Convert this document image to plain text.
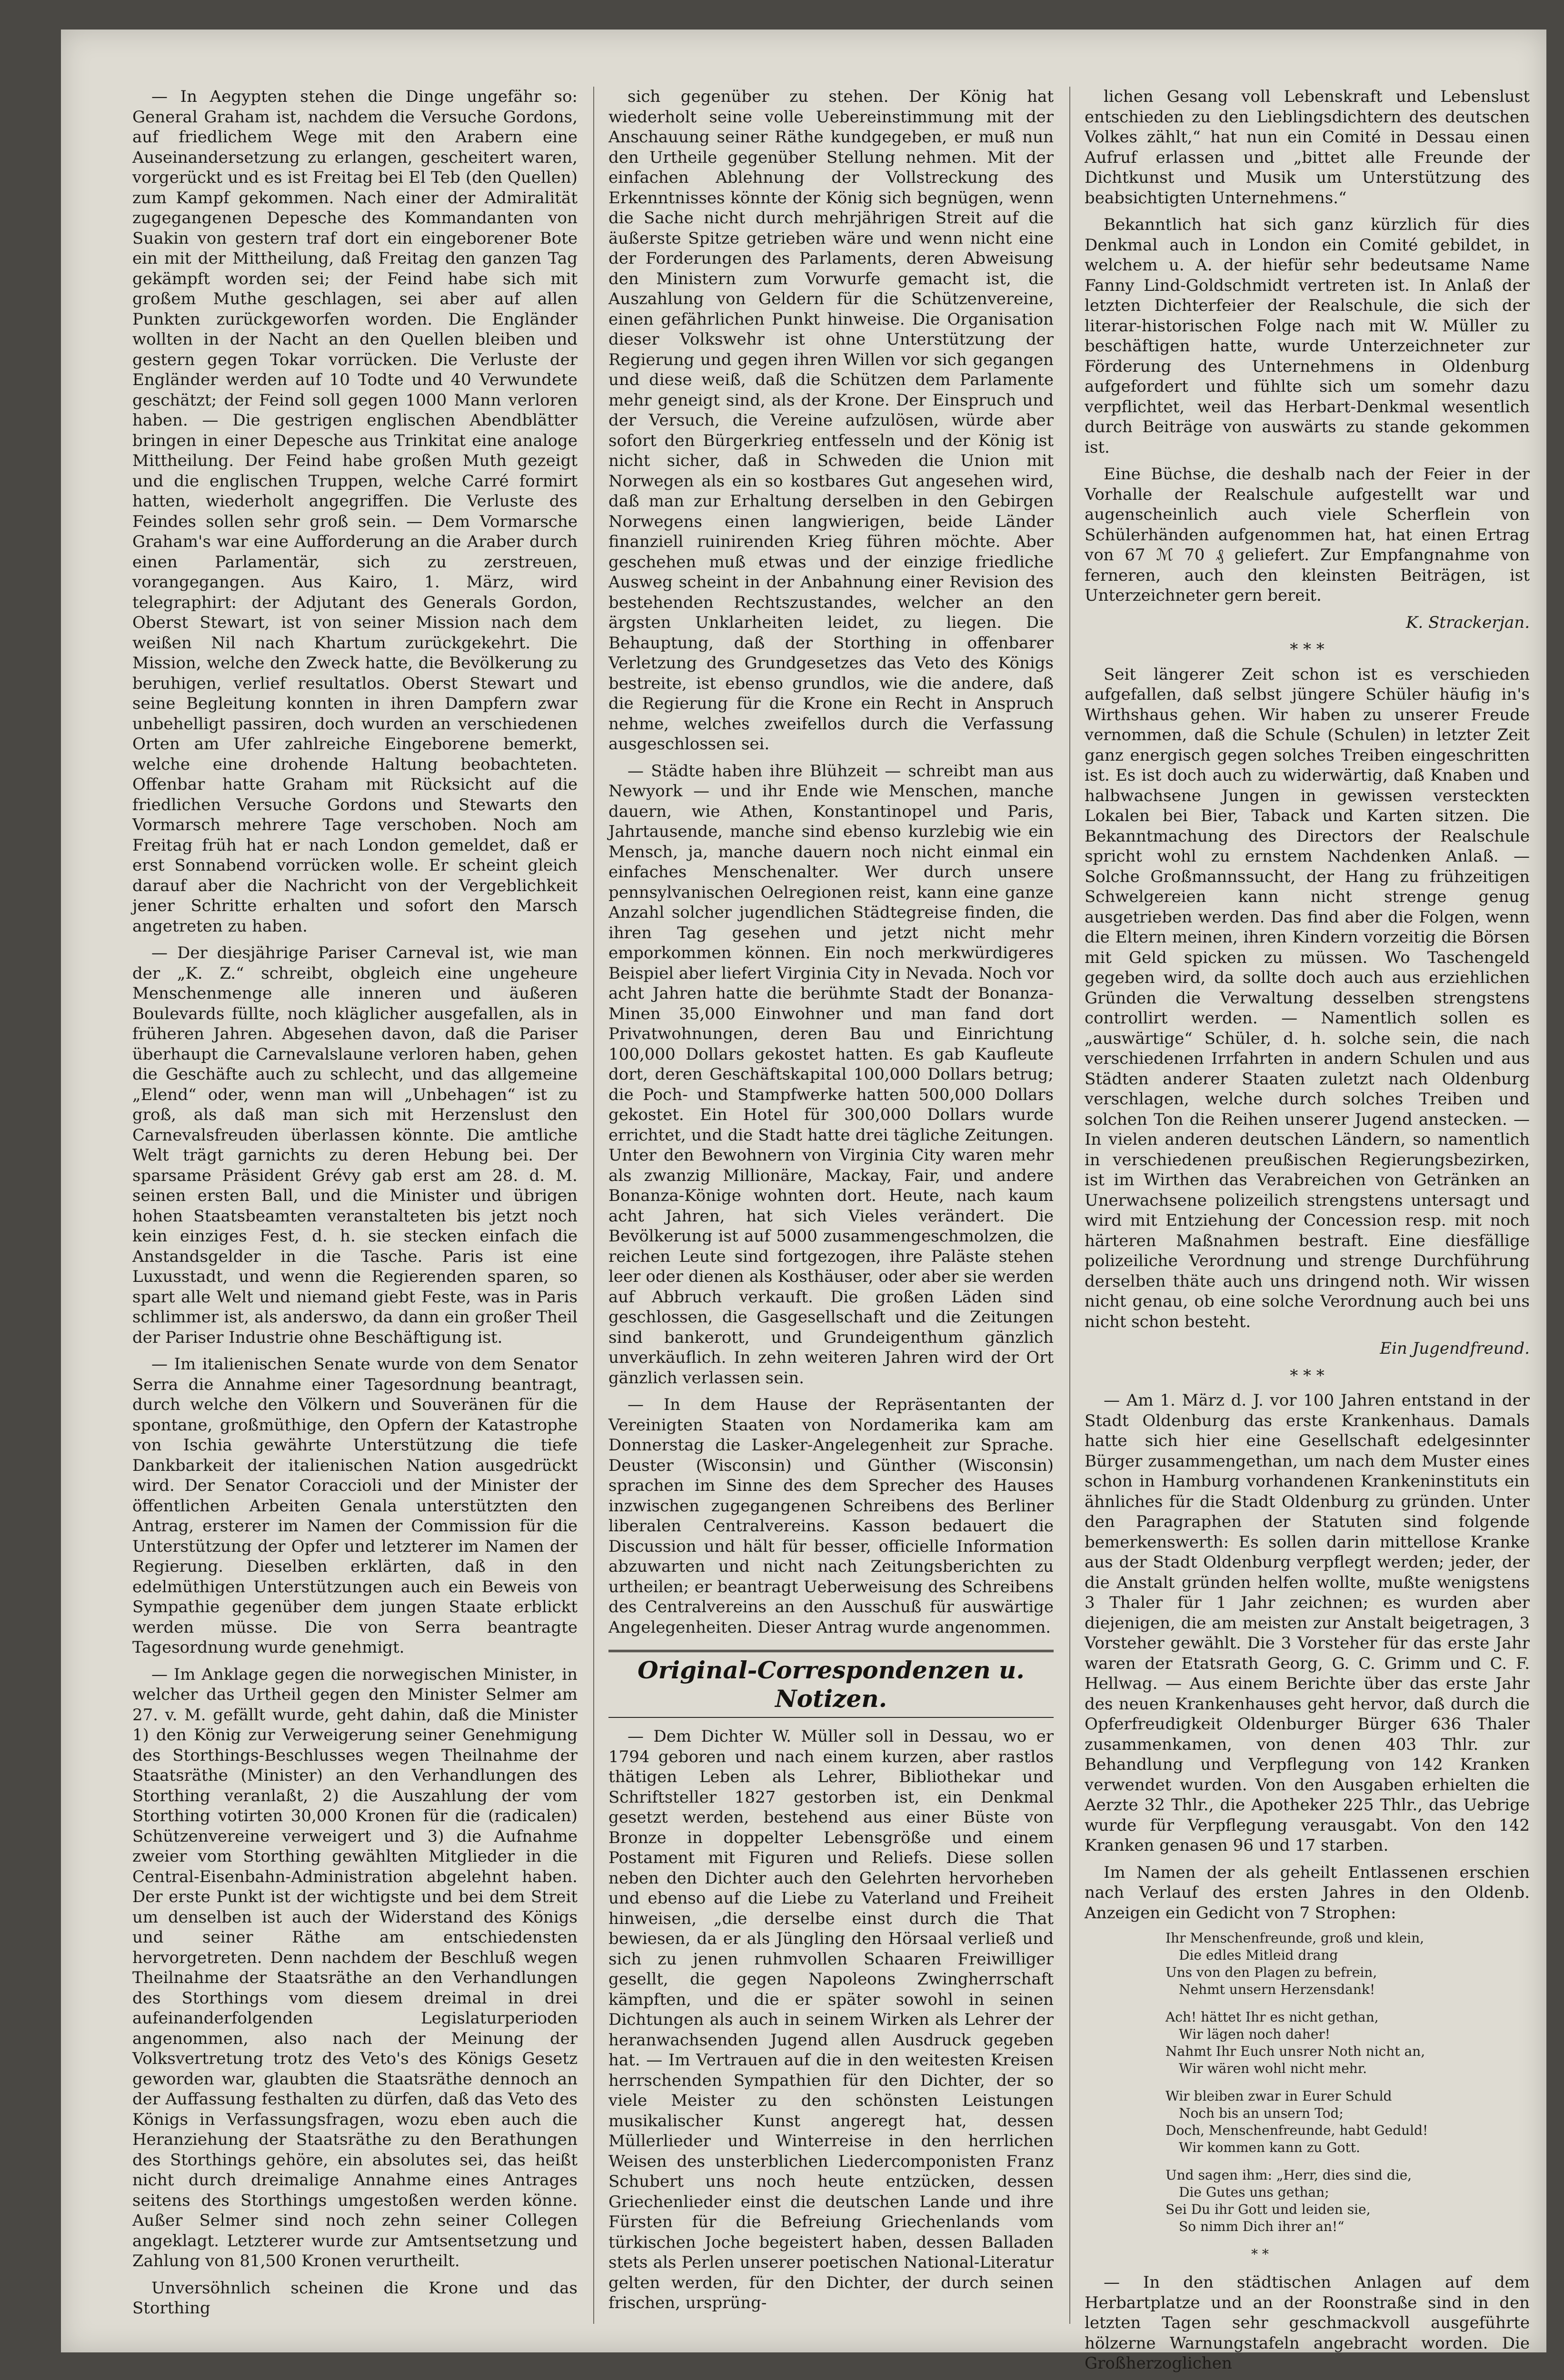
— In Aegypten stehen die Dinge ungefähr so: General Graham ist, nachdem die Versuche Gordons, auf friedlichem Wege mit den Arabern eine Auseinandersetzung zu erlangen, gescheitert waren, vorgerückt und es ist Freitag bei El Teb (den Quellen) zum Kampf gekommen. Nach einer der Admiralität zugegangenen Depesche des Kommandanten von Suakin von gestern traf dort ein eingeborener Bote ein mit der Mittheilung, daß Freitag den ganzen Tag gekämpft worden sei; der Feind habe sich mit großem Muthe geschlagen, sei aber auf allen Punkten zurückgeworfen worden. Die Engländer wollten in der Nacht an den Quellen bleiben und gestern gegen Tokar vorrücken. Die Verluste der Engländer werden auf 10 Todte und 40 Verwundete geschätzt; der Feind soll gegen 1000 Mann verloren haben. — Die gestrigen englischen Abendblätter bringen in einer Depesche aus Trinkitat eine analoge Mittheilung. Der Feind habe großen Muth gezeigt und die englischen Truppen, welche Carré formirt hatten, wiederholt angegriffen. Die Verluste des Feindes sollen sehr groß sein. — Dem Vormarsche Graham's war eine Aufforderung an die Araber durch einen Parlamentär, sich zu zerstreuen, vorangegangen. Aus Kairo, 1. März, wird telegraphirt: der Adjutant des Generals Gordon, Oberst Stewart, ist von seiner Mission nach dem weißen Nil nach Khartum zurückgekehrt. Die Mission, welche den Zweck hatte, die Bevölkerung zu beruhigen, verlief resultatlos. Oberst Stewart und seine Begleitung konnten in ihren Dampfern zwar unbehelligt passiren, doch wurden an verschiedenen Orten am Ufer zahlreiche Eingeborene bemerkt, welche eine drohende Haltung beobachteten. Offenbar hatte Graham mit Rücksicht auf die friedlichen Versuche Gordons und Stewarts den Vormarsch mehrere Tage verschoben. Noch am Freitag früh hat er nach London gemeldet, daß er erst Sonnabend vorrücken wolle. Er scheint gleich darauf aber die Nachricht von der Vergeblichkeit jener Schritte erhalten und sofort den Marsch angetreten zu haben.

— Der diesjährige Pariser Carneval ist, wie man der „K. Z.“ schreibt, obgleich eine ungeheure Menschenmenge alle inneren und äußeren Boulevards füllte, noch kläglicher ausgefallen, als in früheren Jahren. Abgesehen davon, daß die Pariser überhaupt die Carnevalslaune verloren haben, gehen die Geschäfte auch zu schlecht, und das allgemeine „Elend“ oder, wenn man will „Unbehagen“ ist zu groß, als daß man sich mit Herzenslust den Carnevalsfreuden überlassen könnte. Die amtliche Welt trägt garnichts zu deren Hebung bei. Der sparsame Präsident Grévy gab erst am 28. d. M. seinen ersten Ball, und die Minister und übrigen hohen Staatsbeamten veranstalteten bis jetzt noch kein einziges Fest, d. h. sie stecken einfach die Anstandsgelder in die Tasche. Paris ist eine Luxusstadt, und wenn die Regierenden sparen, so spart alle Welt und niemand giebt Feste, was in Paris schlimmer ist, als anderswo, da dann ein großer Theil der Pariser Industrie ohne Beschäftigung ist.

— Im italienischen Senate wurde von dem Senator Serra die Annahme einer Tagesordnung beantragt, durch welche den Völkern und Souveränen für die spontane, großmüthige, den Opfern der Katastrophe von Ischia gewährte Unterstützung die tiefe Dankbarkeit der italienischen Nation ausgedrückt wird. Der Senator Coraccioli und der Minister der öffentlichen Arbeiten Genala unterstützten den Antrag, ersterer im Namen der Commission für die Unterstützung der Opfer und letzterer im Namen der Regierung. Dieselben erklärten, daß in den edelmüthigen Unterstützungen auch ein Beweis von Sympathie gegenüber dem jungen Staate erblickt werden müsse. Die von Serra beantragte Tagesordnung wurde genehmigt.

— Im Anklage gegen die norwegischen Minister, in welcher das Urtheil gegen den Minister Selmer am 27. v. M. gefällt wurde, geht dahin, daß die Minister 1) den König zur Verweigerung seiner Genehmigung des Storthings-Beschlusses wegen Theilnahme der Staatsräthe (Minister) an den Verhandlungen des Storthing veranlaßt, 2) die Auszahlung der vom Storthing votirten 30,000 Kronen für die (radicalen) Schützenvereine verweigert und 3) die Aufnahme zweier vom Storthing gewählten Mitglieder in die Central-Eisenbahn-Administration abgelehnt haben. Der erste Punkt ist der wichtigste und bei dem Streit um denselben ist auch der Widerstand des Königs und seiner Räthe am entschiedensten hervorgetreten. Denn nachdem der Beschluß wegen Theilnahme der Staatsräthe an den Verhandlungen des Storthings vom diesem dreimal in drei aufeinanderfolgenden Legislaturperioden angenommen, also nach der Meinung der Volksvertretung trotz des Veto's des Königs Gesetz geworden war, glaubten die Staatsräthe dennoch an der Auffassung festhalten zu dürfen, daß das Veto des Königs in Verfassungsfragen, wozu eben auch die Heranziehung der Staatsräthe zu den Berathungen des Storthings gehöre, ein absolutes sei, das heißt nicht durch dreimalige Annahme eines Antrages seitens des Storthings umgestoßen werden könne. Außer Selmer sind noch zehn seiner Collegen angeklagt. Letzterer wurde zur Amtsentsetzung und Zahlung von 81,500 Kronen verurtheilt.

Unversöhnlich scheinen die Krone und das Storthing

sich gegenüber zu stehen. Der König hat wiederholt seine volle Uebereinstimmung mit der Anschauung seiner Räthe kundgegeben, er muß nun den Urtheile gegenüber Stellung nehmen. Mit der einfachen Ablehnung der Vollstreckung des Erkenntnisses könnte der König sich begnügen, wenn die Sache nicht durch mehrjährigen Streit auf die äußerste Spitze getrieben wäre und wenn nicht eine der Forderungen des Parlaments, deren Abweisung den Ministern zum Vorwurfe gemacht ist, die Auszahlung von Geldern für die Schützenvereine, einen gefährlichen Punkt hinweise. Die Organisation dieser Volkswehr ist ohne Unterstützung der Regierung und gegen ihren Willen vor sich gegangen und diese weiß, daß die Schützen dem Parlamente mehr geneigt sind, als der Krone. Der Einspruch und der Versuch, die Vereine aufzulösen, würde aber sofort den Bürgerkrieg entfesseln und der König ist nicht sicher, daß in Schweden die Union mit Norwegen als ein so kostbares Gut angesehen wird, daß man zur Erhaltung derselben in den Gebirgen Norwegens einen langwierigen, beide Länder finanziell ruinirenden Krieg führen möchte. Aber geschehen muß etwas und der einzige friedliche Ausweg scheint in der Anbahnung einer Revision des bestehenden Rechtszustandes, welcher an den ärgsten Unklarheiten leidet, zu liegen. Die Behauptung, daß der Storthing in offenbarer Verletzung des Grundgesetzes das Veto des Königs bestreite, ist ebenso grundlos, wie die andere, daß die Regierung für die Krone ein Recht in Anspruch nehme, welches zweifellos durch die Verfassung ausgeschlossen sei.

— Städte haben ihre Blühzeit — schreibt man aus Newyork — und ihr Ende wie Menschen, manche dauern, wie Athen, Konstantinopel und Paris, Jahrtausende, manche sind ebenso kurzlebig wie ein Mensch, ja, manche dauern noch nicht einmal ein einfaches Menschenalter. Wer durch unsere pennsylvanischen Oelregionen reist, kann eine ganze Anzahl solcher jugendlichen Städtegreise finden, die ihren Tag gesehen und jetzt nicht mehr emporkommen können. Ein noch merkwürdigeres Beispiel aber liefert Virginia City in Nevada. Noch vor acht Jahren hatte die berühmte Stadt der Bonanza-Minen 35,000 Einwohner und man fand dort Privatwohnungen, deren Bau und Einrichtung 100,000 Dollars gekostet hatten. Es gab Kaufleute dort, deren Geschäftskapital 100,000 Dollars betrug; die Poch- und Stampfwerke hatten 500,000 Dollars gekostet. Ein Hotel für 300,000 Dollars wurde errichtet, und die Stadt hatte drei tägliche Zeitungen. Unter den Bewohnern von Virginia City waren mehr als zwanzig Millionäre, Mackay, Fair, und andere Bonanza-Könige wohnten dort. Heute, nach kaum acht Jahren, hat sich Vieles verändert. Die Bevölkerung ist auf 5000 zusammengeschmolzen, die reichen Leute sind fortgezogen, ihre Paläste stehen leer oder dienen als Kosthäuser, oder aber sie werden auf Abbruch verkauft. Die großen Läden sind geschlossen, die Gasgesellschaft und die Zeitungen sind bankerott, und Grundeigenthum gänzlich unverkäuflich. In zehn weiteren Jahren wird der Ort gänzlich verlassen sein.

— In dem Hause der Repräsentanten der Vereinigten Staaten von Nordamerika kam am Donnerstag die Lasker-Angelegenheit zur Sprache. Deuster (Wisconsin) und Günther (Wisconsin) sprachen im Sinne des dem Sprecher des Hauses inzwischen zugegangenen Schreibens des Berliner liberalen Centralvereins. Kasson bedauert die Discussion und hält für besser, officielle Information abzuwarten und nicht nach Zeitungsberichten zu urtheilen; er beantragt Ueberweisung des Schreibens des Centralvereins an den Ausschuß für auswärtige Angelegenheiten. Dieser Antrag wurde angenommen.

Original-Correspondenzen u. Notizen.

— Dem Dichter W. Müller soll in Dessau, wo er 1794 geboren und nach einem kurzen, aber rastlos thätigen Leben als Lehrer, Bibliothekar und Schriftsteller 1827 gestorben ist, ein Denkmal gesetzt werden, bestehend aus einer Büste von Bronze in doppelter Lebensgröße und einem Postament mit Figuren und Reliefs. Diese sollen neben den Dichter auch den Gelehrten hervorheben und ebenso auf die Liebe zu Vaterland und Freiheit hinweisen, „die derselbe einst durch die That bewiesen, da er als Jüngling den Hörsaal verließ und sich zu jenen ruhmvollen Schaaren Freiwilliger gesellt, die gegen Napoleons Zwingherrschaft kämpften, und die er später sowohl in seinen Dichtungen als auch in seinem Wirken als Lehrer der heranwachsenden Jugend allen Ausdruck gegeben hat. — Im Vertrauen auf die in den weitesten Kreisen herrschenden Sympathien für den Dichter, der so viele Meister zu den schönsten Leistungen musikalischer Kunst angeregt hat, dessen Müllerlieder und Winterreise in den herrlichen Weisen des unsterblichen Liedercomponisten Franz Schubert uns noch heute entzücken, dessen Griechenlieder einst die deutschen Lande und ihre Fürsten für die Befreiung Griechenlands vom türkischen Joche begeistert haben, dessen Balladen stets als Perlen unserer poetischen National-Literatur gelten werden, für den Dichter, der durch seinen frischen, ursprüng-

lichen Gesang voll Lebenskraft und Lebenslust entschieden zu den Lieblingsdichtern des deutschen Volkes zählt,“ hat nun ein Comité in Dessau einen Aufruf erlassen und „bittet alle Freunde der Dichtkunst und Musik um Unterstützung des beabsichtigten Unternehmens.“

Bekanntlich hat sich ganz kürzlich für dies Denkmal auch in London ein Comité gebildet, in welchem u. A. der hiefür sehr bedeutsame Name Fanny Lind-Goldschmidt vertreten ist. In Anlaß der letzten Dichterfeier der Realschule, die sich der literar-historischen Folge nach mit W. Müller zu beschäftigen hatte, wurde Unterzeichneter zur Förderung des Unternehmens in Oldenburg aufgefordert und fühlte sich um somehr dazu verpflichtet, weil das Herbart-Denkmal wesentlich durch Beiträge von auswärts zu stande gekommen ist.

Eine Büchse, die deshalb nach der Feier in der Vorhalle der Realschule aufgestellt war und augenscheinlich auch viele Scherflein von Schülerhänden aufgenommen hat, hat einen Ertrag von 67 ℳ 70 ₰ geliefert. Zur Empfangnahme von ferneren, auch den kleinsten Beiträgen, ist Unterzeichneter gern bereit.

K. Strackerjan.

* * *

Seit längerer Zeit schon ist es verschieden aufgefallen, daß selbst jüngere Schüler häufig in's Wirthshaus gehen. Wir haben zu unserer Freude vernommen, daß die Schule (Schulen) in letzter Zeit ganz energisch gegen solches Treiben eingeschritten ist. Es ist doch auch zu widerwärtig, daß Knaben und halbwachsene Jungen in gewissen versteckten Lokalen bei Bier, Taback und Karten sitzen. Die Bekanntmachung des Directors der Realschule spricht wohl zu ernstem Nachdenken Anlaß. — Solche Großmannssucht, der Hang zu frühzeitigen Schwelgereien kann nicht strenge genug ausgetrieben werden. Das find aber die Folgen, wenn die Eltern meinen, ihren Kindern vorzeitig die Börsen mit Geld spicken zu müssen. Wo Taschengeld gegeben wird, da sollte doch auch aus erziehlichen Gründen die Verwaltung desselben strengstens controllirt werden. — Namentlich sollen es „auswärtige“ Schüler, d. h. solche sein, die nach verschiedenen Irrfahrten in andern Schulen und aus Städten anderer Staaten zuletzt nach Oldenburg verschlagen, welche durch solches Treiben und solchen Ton die Reihen unserer Jugend anstecken. — In vielen anderen deutschen Ländern, so namentlich in verschiedenen preußischen Regierungsbezirken, ist im Wirthen das Verabreichen von Getränken an Unerwachsene polizeilich strengstens untersagt und wird mit Entziehung der Concession resp. mit noch härteren Maßnahmen bestraft. Eine diesfällige polizeiliche Verordnung und strenge Durchführung derselben thäte auch uns dringend noth. Wir wissen nicht genau, ob eine solche Verordnung auch bei uns nicht schon besteht.

Ein Jugendfreund.

* * *

— Am 1. März d. J. vor 100 Jahren entstand in der Stadt Oldenburg das erste Krankenhaus. Damals hatte sich hier eine Gesellschaft edelgesinnter Bürger zusammengethan, um nach dem Muster eines schon in Hamburg vorhandenen Krankeninstituts ein ähnliches für die Stadt Oldenburg zu gründen. Unter den Paragraphen der Statuten sind folgende bemerkenswerth: Es sollen darin mittellose Kranke aus der Stadt Oldenburg verpflegt werden; jeder, der die Anstalt gründen helfen wollte, mußte wenigstens 3 Thaler für 1 Jahr zeichnen; es wurden aber diejenigen, die am meisten zur Anstalt beigetragen, 3 Vorsteher gewählt. Die 3 Vorsteher für das erste Jahr waren der Etatsrath Georg, G. C. Grimm und C. F. Hellwag. — Aus einem Berichte über das erste Jahr des neuen Krankenhauses geht hervor, daß durch die Opferfreudigkeit Oldenburger Bürger 636 Thaler zusammenkamen, von denen 403 Thlr. zur Behandlung und Verpflegung von 142 Kranken verwendet wurden. Von den Ausgaben erhielten die Aerzte 32 Thlr., die Apotheker 225 Thlr., das Uebrige wurde für Verpflegung verausgabt. Von den 142 Kranken genasen 96 und 17 starben.

Im Namen der als geheilt Entlassenen erschien nach Verlauf des ersten Jahres in den Oldenb. Anzeigen ein Gedicht von 7 Strophen:

Ihr Menschenfreunde, groß und klein,
Die edles Mitleid drang
Uns von den Plagen zu befrein,
Nehmt unsern Herzensdank!
Ach! hättet Ihr es nicht gethan,
Wir lägen noch daher!
Nahmt Ihr Euch unsrer Noth nicht an,
Wir wären wohl nicht mehr.
Wir bleiben zwar in Eurer Schuld
Noch bis an unsern Tod;
Doch, Menschenfreunde, habt Geduld!
Wir kommen kann zu Gott.
Und sagen ihm: „Herr, dies sind die,
Die Gutes uns gethan;
Sei Du ihr Gott und leiden sie,
So nimm Dich ihrer an!“
* *

— In den städtischen Anlagen auf dem Herbartplatze und an der Roonstraße sind in den letzten Tagen sehr geschmackvoll ausgeführte hölzerne Warnungstafeln angebracht worden. Die Großherzoglichen
